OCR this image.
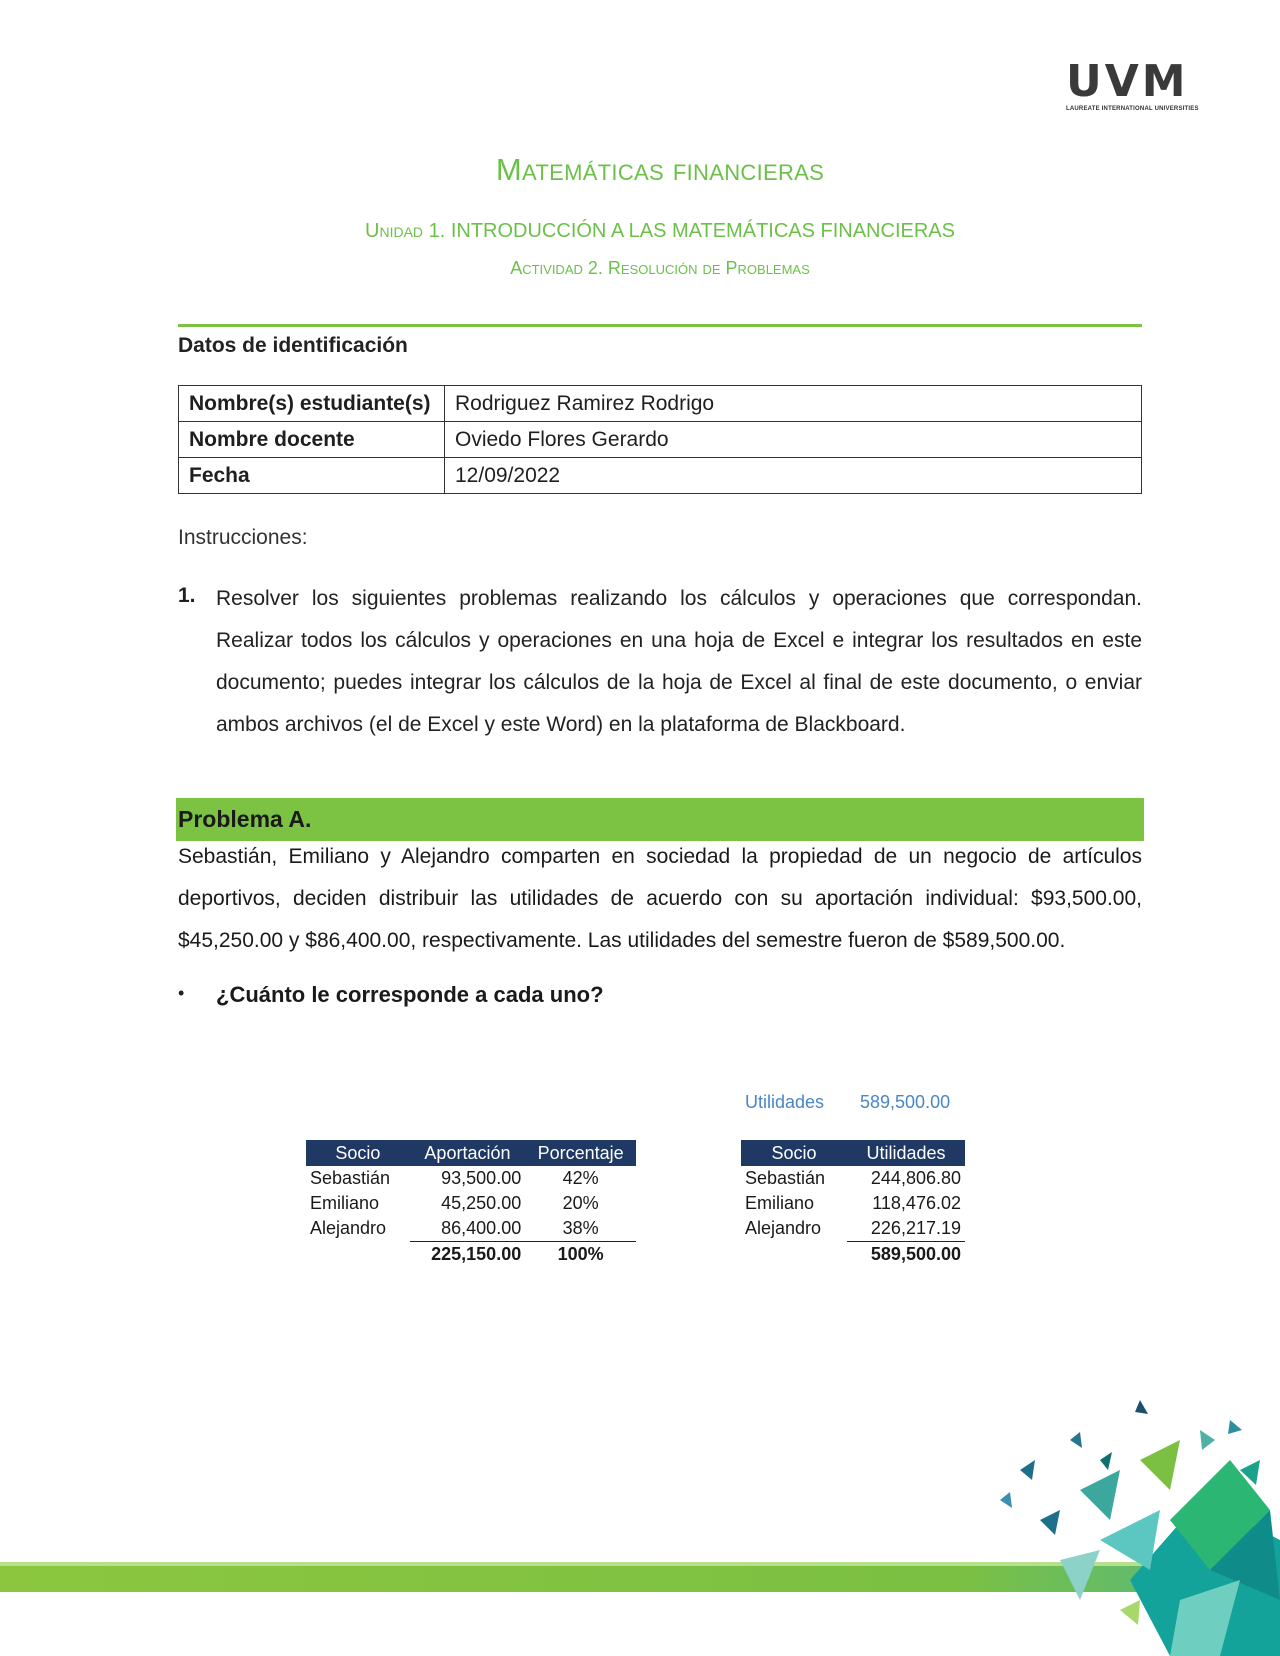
UVM
LAUREATE INTERNATIONAL UNIVERSITIES
Matemáticas financieras
Unidad 1. INTRODUCCIÓN A LAS MATEMÁTICAS FINANCIERAS
Actividad 2. Resolución de Problemas
Datos de identificación
Nombre(s) estudiante(s)	Rodriguez Ramirez Rodrigo
Nombre docente	Oviedo Flores Gerardo
Fecha	12/09/2022
Instrucciones:
1. Resolver los siguientes problemas realizando los cálculos y operaciones que correspondan. Realizar todos los cálculos y operaciones en una hoja de Excel e integrar los resultados en este documento; puedes integrar los cálculos de la hoja de Excel al final de este documento, o enviar ambos archivos (el de Excel y este Word) en la plataforma de Blackboard.
Problema A.
Sebastián, Emiliano y Alejandro comparten en sociedad la propiedad de un negocio de artículos deportivos, deciden distribuir las utilidades de acuerdo con su aportación individual: $93,500.00, $45,250.00 y $86,400.00, respectivamente. Las utilidades del semestre fueron de $589,500.00.
• ¿Cuánto le corresponde a cada uno?
Utilidades 589,500.00
Socio	Aportación	Porcentaje
Sebastián	93,500.00	42%
Emiliano	45,250.00	20%
Alejandro	86,400.00	38%
	225,150.00	100%
Socio	Utilidades
Sebastián	244,806.80
Emiliano	118,476.02
Alejandro	226,217.19
	589,500.00
